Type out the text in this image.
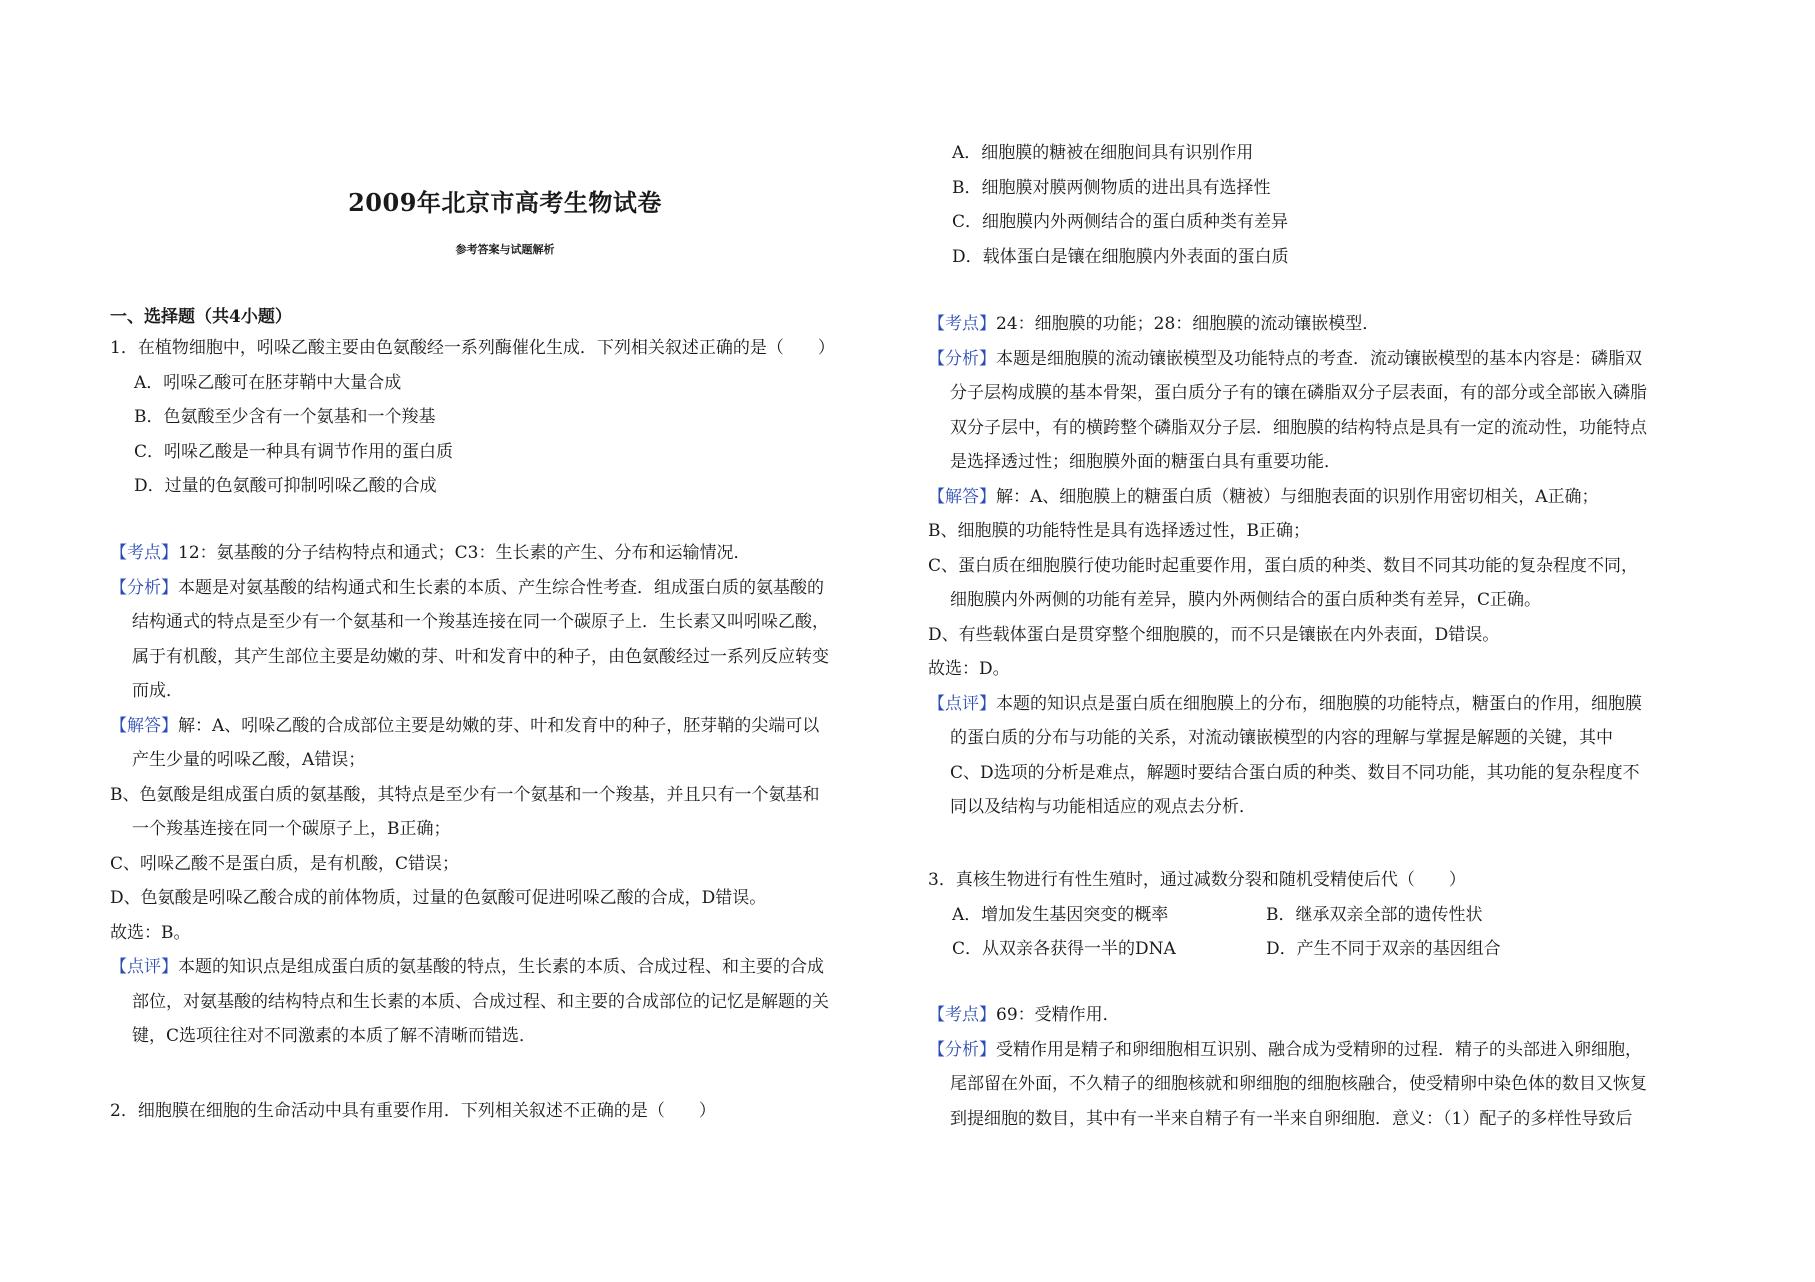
2009年北京市高考生物试卷

参考答案与试题解析

一、选择题（共4小题）

1．在植物细胞中，吲哚乙酸主要由色氨酸经一系列酶催化生成．下列相关叙述正确的是（　　）

A．吲哚乙酸可在胚芽鞘中大量合成

B．色氨酸至少含有一个氨基和一个羧基

C．吲哚乙酸是一种具有调节作用的蛋白质

D．过量的色氨酸可抑制吲哚乙酸的合成

【考点】12：氨基酸的分子结构特点和通式；C3：生长素的产生、分布和运输情况．

【分析】本题是对氨基酸的结构通式和生长素的本质、产生综合性考查．组成蛋白质的氨基酸的

结构通式的特点是至少有一个氨基和一个羧基连接在同一个碳原子上．生长素又叫吲哚乙酸，

属于有机酸，其产生部位主要是幼嫩的芽、叶和发育中的种子，由色氨酸经过一系列反应转变

而成．

【解答】解：A、吲哚乙酸的合成部位主要是幼嫩的芽、叶和发育中的种子，胚芽鞘的尖端可以

产生少量的吲哚乙酸，A错误；

B、色氨酸是组成蛋白质的氨基酸，其特点是至少有一个氨基和一个羧基，并且只有一个氨基和

一个羧基连接在同一个碳原子上，B正确；

C、吲哚乙酸不是蛋白质，是有机酸，C错误；

D、色氨酸是吲哚乙酸合成的前体物质，过量的色氨酸可促进吲哚乙酸的合成，D错误。

故选：B。

【点评】本题的知识点是组成蛋白质的氨基酸的特点，生长素的本质、合成过程、和主要的合成

部位，对氨基酸的结构特点和生长素的本质、合成过程、和主要的合成部位的记忆是解题的关

键，C选项往往对不同激素的本质了解不清晰而错选．

2．细胞膜在细胞的生命活动中具有重要作用．下列相关叙述不正确的是（　　）

A．细胞膜的糖被在细胞间具有识别作用

B．细胞膜对膜两侧物质的进出具有选择性

C．细胞膜内外两侧结合的蛋白质种类有差异

D．载体蛋白是镶在细胞膜内外表面的蛋白质

【考点】24：细胞膜的功能；28：细胞膜的流动镶嵌模型．

【分析】本题是细胞膜的流动镶嵌模型及功能特点的考查．流动镶嵌模型的基本内容是：磷脂双

分子层构成膜的基本骨架，蛋白质分子有的镶在磷脂双分子层表面，有的部分或全部嵌入磷脂

双分子层中，有的横跨整个磷脂双分子层．细胞膜的结构特点是具有一定的流动性，功能特点

是选择透过性；细胞膜外面的糖蛋白具有重要功能．

【解答】解：A、细胞膜上的糖蛋白质（糖被）与细胞表面的识别作用密切相关，A正确；

B、细胞膜的功能特性是具有选择透过性，B正确；

C、蛋白质在细胞膜行使功能时起重要作用，蛋白质的种类、数目不同其功能的复杂程度不同，

细胞膜内外两侧的功能有差异，膜内外两侧结合的蛋白质种类有差异，C正确。

D、有些载体蛋白是贯穿整个细胞膜的，而不只是镶嵌在内外表面，D错误。

故选：D。

【点评】本题的知识点是蛋白质在细胞膜上的分布，细胞膜的功能特点，糖蛋白的作用，细胞膜

的蛋白质的分布与功能的关系，对流动镶嵌模型的内容的理解与掌握是解题的关键，其中

C、D选项的分析是难点，解题时要结合蛋白质的种类、数目不同功能，其功能的复杂程度不

同以及结构与功能相适应的观点去分析．

3．真核生物进行有性生殖时，通过减数分裂和随机受精使后代（　　）

A．增加发生基因突变的概率	B．继承双亲全部的遗传性状
C．从双亲各获得一半的DNA	D．产生不同于双亲的基因组合

【考点】69：受精作用．

【分析】受精作用是精子和卵细胞相互识别、融合成为受精卵的过程．精子的头部进入卵细胞，

尾部留在外面，不久精子的细胞核就和卵细胞的细胞核融合，使受精卵中染色体的数目又恢复

到提细胞的数目，其中有一半来自精子有一半来自卵细胞．意义：（1）配子的多样性导致后
